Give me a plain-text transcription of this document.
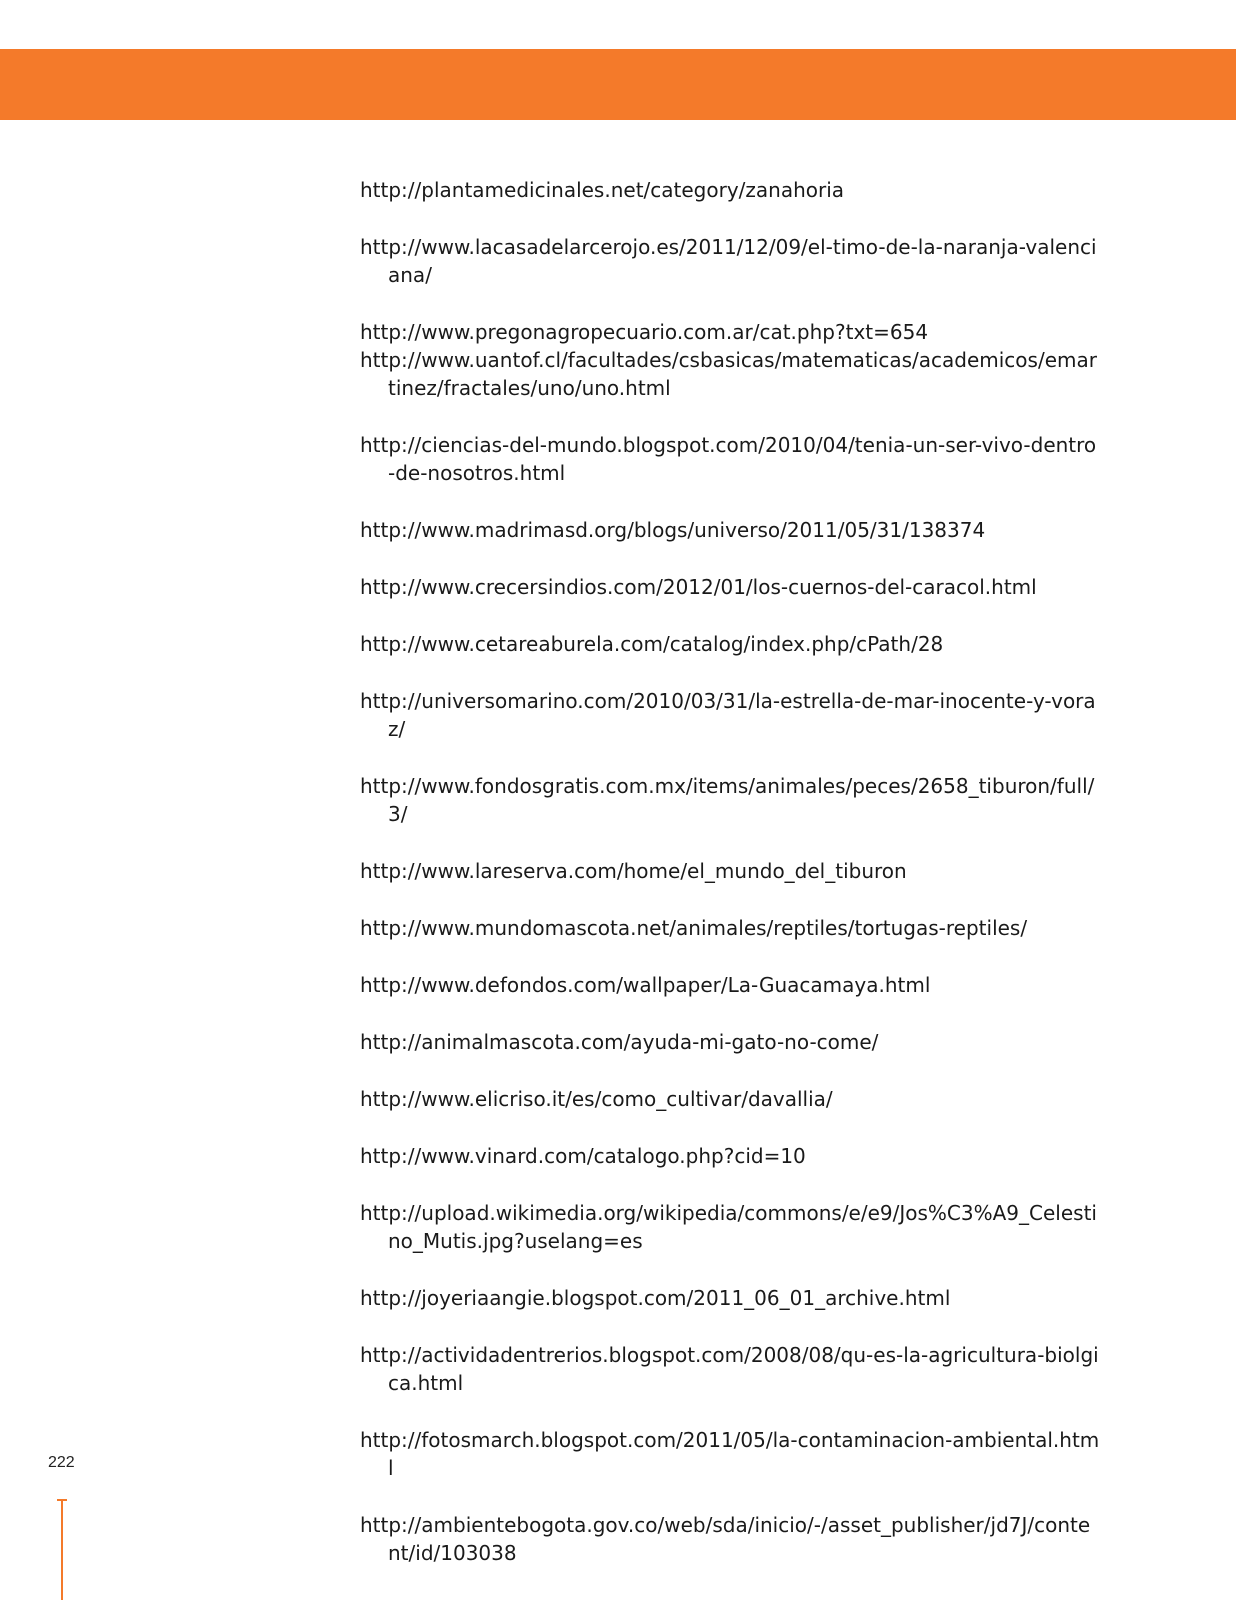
http://plantamedicinales.net/category/zanahoria
http://www.lacasadelarcerojo.es/2011/12/09/el-timo-de-la-naranja-valenciana/
http://www.pregonagropecuario.com.ar/cat.php?txt=654
http://www.uantof.cl/facultades/csbasicas/matematicas/academicos/emartinez/fractales/uno/uno.html
http://ciencias-del-mundo.blogspot.com/2010/04/tenia-un-ser-vivo-dentro-de-nosotros.html
http://www.madrimasd.org/blogs/universo/2011/05/31/138374
http://www.crecersindios.com/2012/01/los-cuernos-del-caracol.html
http://www.cetareaburela.com/catalog/index.php/cPath/28
http://universomarino.com/2010/03/31/la-estrella-de-mar-inocente-y-voraz/
http://www.fondosgratis.com.mx/items/animales/peces/2658_tiburon/full/3/
http://www.lareserva.com/home/el_mundo_del_tiburon
http://www.mundomascota.net/animales/reptiles/tortugas-reptiles/
http://www.defondos.com/wallpaper/La-Guacamaya.html
http://animalmascota.com/ayuda-mi-gato-no-come/
http://www.elicriso.it/es/como_cultivar/davallia/
http://www.vinard.com/catalogo.php?cid=10
http://upload.wikimedia.org/wikipedia/commons/e/e9/Jos%C3%A9_Celestino_Mutis.jpg?uselang=es
http://joyeriaangie.blogspot.com/2011_06_01_archive.html
http://actividadentrerios.blogspot.com/2008/08/qu-es-la-agricultura-biolgica.html
http://fotosmarch.blogspot.com/2011/05/la-contaminacion-ambiental.html
http://ambientebogota.gov.co/web/sda/inicio/-/asset_publisher/jd7J/content/id/103038
222
